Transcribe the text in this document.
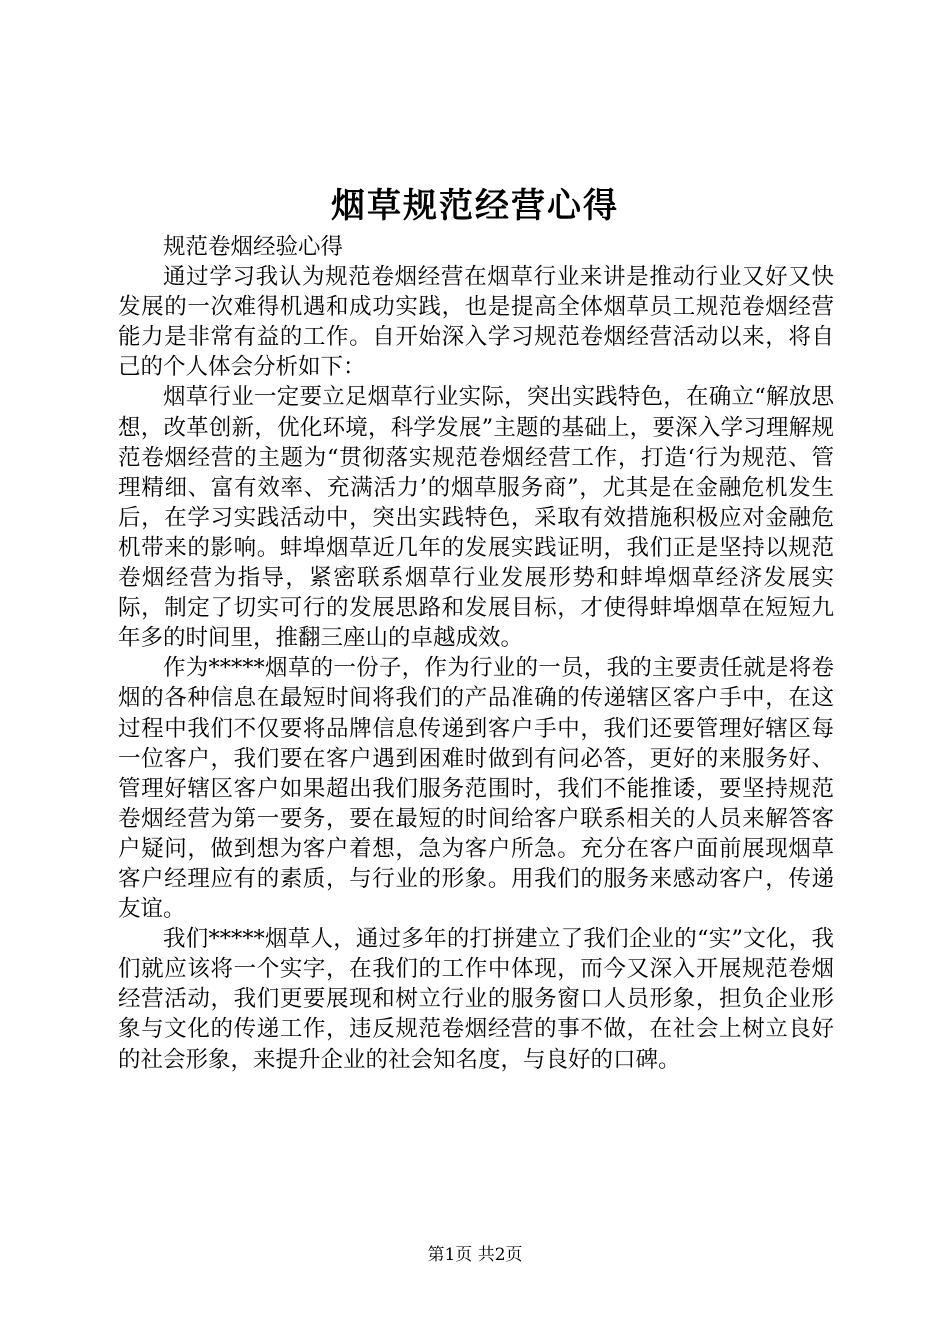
烟草规范经营心得

规范卷烟经验心得

通过学习我认为规范卷烟经营在烟草行业来讲是推动行业又好又快发展的一次难得机遇和成功实践，也是提高全体烟草员工规范卷烟经营能力是非常有益的工作。自开始深入学习规范卷烟经营活动以来，将自己的个人体会分析如下：

烟草行业一定要立足烟草行业实际，突出实践特色，在确立“解放思想，改革创新，优化环境，科学发展”主题的基础上，要深入学习理解规范卷烟经营的主题为“贯彻落实规范卷烟经营工作，打造‘行为规范、管理精细、富有效率、充满活力’的烟草服务商”，尤其是在金融危机发生后，在学习实践活动中，突出实践特色，采取有效措施积极应对金融危机带来的影响。蚌埠烟草近几年的发展实践证明，我们正是坚持以规范卷烟经营为指导，紧密联系烟草行业发展形势和蚌埠烟草经济发展实际，制定了切实可行的发展思路和发展目标，才使得蚌埠烟草在短短九年多的时间里，推翻三座山的卓越成效。

作为*****烟草的一份子，作为行业的一员，我的主要责任就是将卷烟的各种信息在最短时间将我们的产品准确的传递辖区客户手中，在这过程中我们不仅要将品牌信息传递到客户手中，我们还要管理好辖区每一位客户，我们要在客户遇到困难时做到有问必答，更好的来服务好、管理好辖区客户如果超出我们服务范围时，我们不能推诿，要坚持规范卷烟经营为第一要务，要在最短的时间给客户联系相关的人员来解答客户疑问，做到想为客户着想，急为客户所急。充分在客户面前展现烟草客户经理应有的素质，与行业的形象。用我们的服务来感动客户，传递友谊。

我们*****烟草人，通过多年的打拼建立了我们企业的“实”文化，我们就应该将一个实字，在我们的工作中体现，而今又深入开展规范卷烟经营活动，我们更要展现和树立行业的服务窗口人员形象，担负企业形象与文化的传递工作，违反规范卷烟经营的事不做，在社会上树立良好的社会形象，来提升企业的社会知名度，与良好的口碑。

第1页 共2页
